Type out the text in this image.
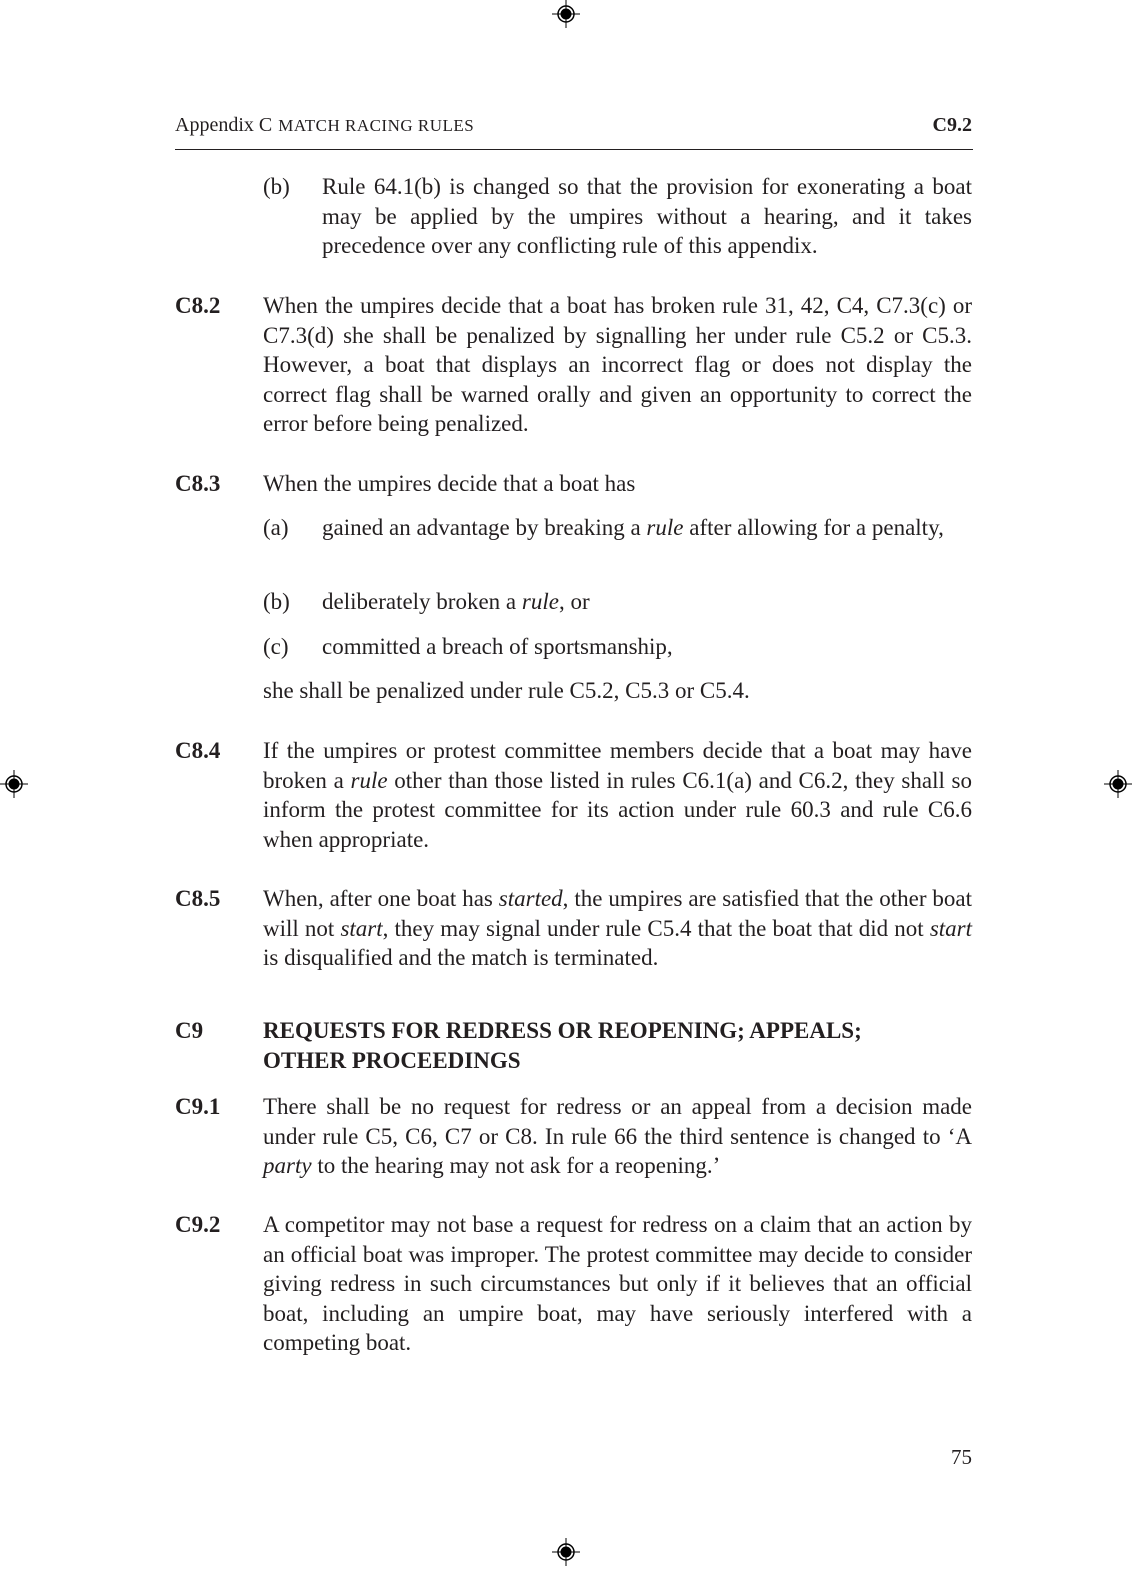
Appendix C MATCH RACING RULES	C9.2
(b) Rule 64.1(b) is changed so that the provision for exonerating a boat may be applied by the umpires without a hearing, and it takes precedence over any conflicting rule of this appendix.
C8.2 When the umpires decide that a boat has broken rule 31, 42, C4, C7.3(c) or C7.3(d) she shall be penalized by signalling her under rule C5.2 or C5.3. However, a boat that displays an incorrect flag or does not display the correct flag shall be warned orally and given an opportunity to correct the error before being penalized.
C8.3 When the umpires decide that a boat has
(a) gained an advantage by breaking a rule after allowing for a penalty,
(b) deliberately broken a rule, or
(c) committed a breach of sportsmanship,
she shall be penalized under rule C5.2, C5.3 or C5.4.
C8.4 If the umpires or protest committee members decide that a boat may have broken a rule other than those listed in rules C6.1(a) and C6.2, they shall so inform the protest committee for its action under rule 60.3 and rule C6.6 when appropriate.
C8.5 When, after one boat has started, the umpires are satisfied that the other boat will not start, they may signal under rule C5.4 that the boat that did not start is disqualified and the match is terminated.
C9	REQUESTS FOR REDRESS OR REOPENING; APPEALS; OTHER PROCEEDINGS
C9.1 There shall be no request for redress or an appeal from a decision made under rule C5, C6, C7 or C8. In rule 66 the third sentence is changed to ‘A party to the hearing may not ask for a reopening.’
C9.2 A competitor may not base a request for redress on a claim that an action by an official boat was improper. The protest committee may decide to consider giving redress in such circumstances but only if it believes that an official boat, including an umpire boat, may have seriously interfered with a competing boat.
75
